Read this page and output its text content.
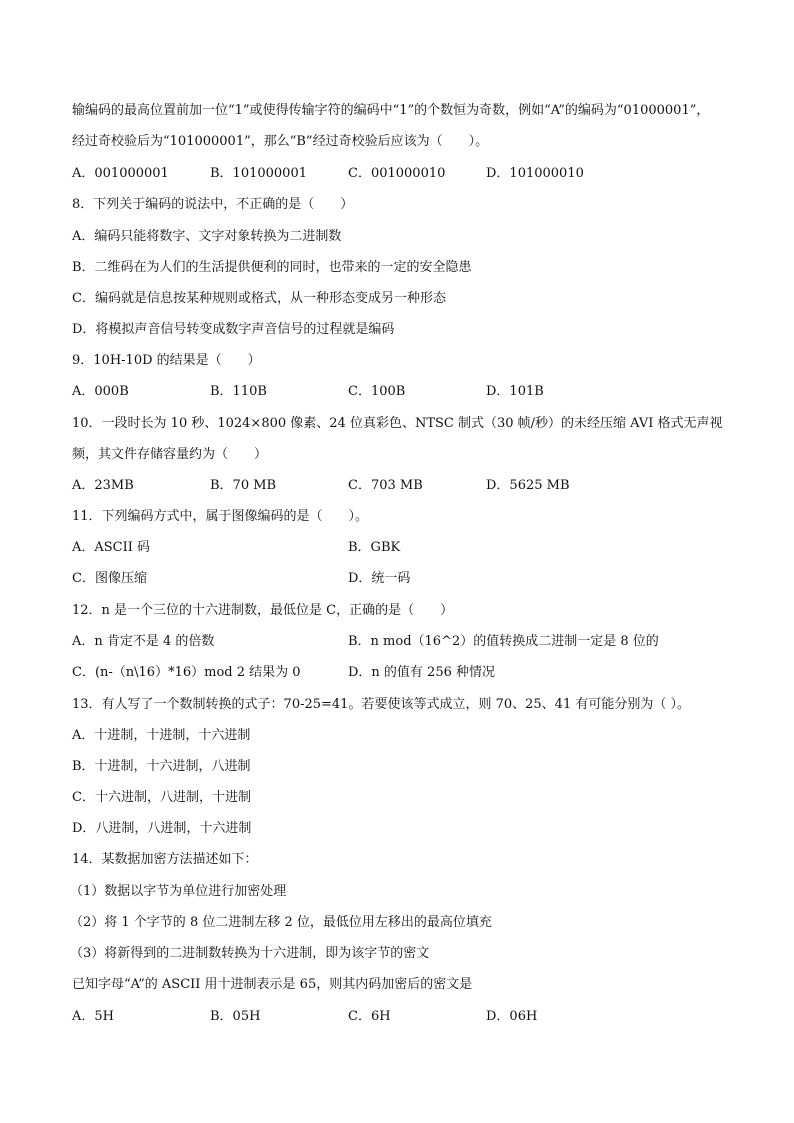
输编码的最高位置前加一位“1”或使得传输字符的编码中“1”的个数恒为奇数，例如“A”的编码为“01000001”，
经过奇校验后为“101000001”，那么“B”经过奇校验后应该为（　　）。
A．001000001	B．101000001	C．001000010	D．101000010
8．下列关于编码的说法中，不正确的是（　　）
A．编码只能将数字、文字对象转换为二进制数
B．二维码在为人们的生活提供便利的同时，也带来的一定的安全隐患
C．编码就是信息按某种规则或格式，从一种形态变成另一种形态
D．将模拟声音信号转变成数字声音信号的过程就是编码
9．10H-10D 的结果是（　　）
A．000B	B．110B	C．100B	D．101B
10．一段时长为 10 秒、1024×800 像素、24 位真彩色、NTSC 制式（30 帧/秒）的未经压缩 AVI 格式无声视
频，其文件存储容量约为（　　）
A．23MB	B．70 MB	C．703 MB	D．5625 MB
11．下列编码方式中，属于图像编码的是（　　）。
A．ASCII 码	B．GBK
C．图像压缩	D．统一码
12．n 是一个三位的十六进制数，最低位是 C，正确的是（　　）
A．n 肯定不是 4 的倍数	B．n mod（16^2）的值转换成二进制一定是 8 位的
C．(n-（n\16）*16）mod 2 结果为 0	D．n 的值有 256 种情况
13．有人写了一个数制转换的式子：70-25=41。若要使该等式成立，则 70、25、41 有可能分别为（ ）。
A．十进制，十进制，十六进制
B．十进制，十六进制，八进制
C．十六进制，八进制，十进制
D．八进制，八进制，十六进制
14．某数据加密方法描述如下：
（1）数据以字节为单位进行加密处理
（2）将 1 个字节的 8 位二进制左移 2 位，最低位用左移出的最高位填充
（3）将新得到的二进制数转换为十六进制，即为该字节的密文
已知字母“A”的 ASCII 用十进制表示是 65，则其内码加密后的密文是
A．5H	B．05H	C．6H	D．06H
